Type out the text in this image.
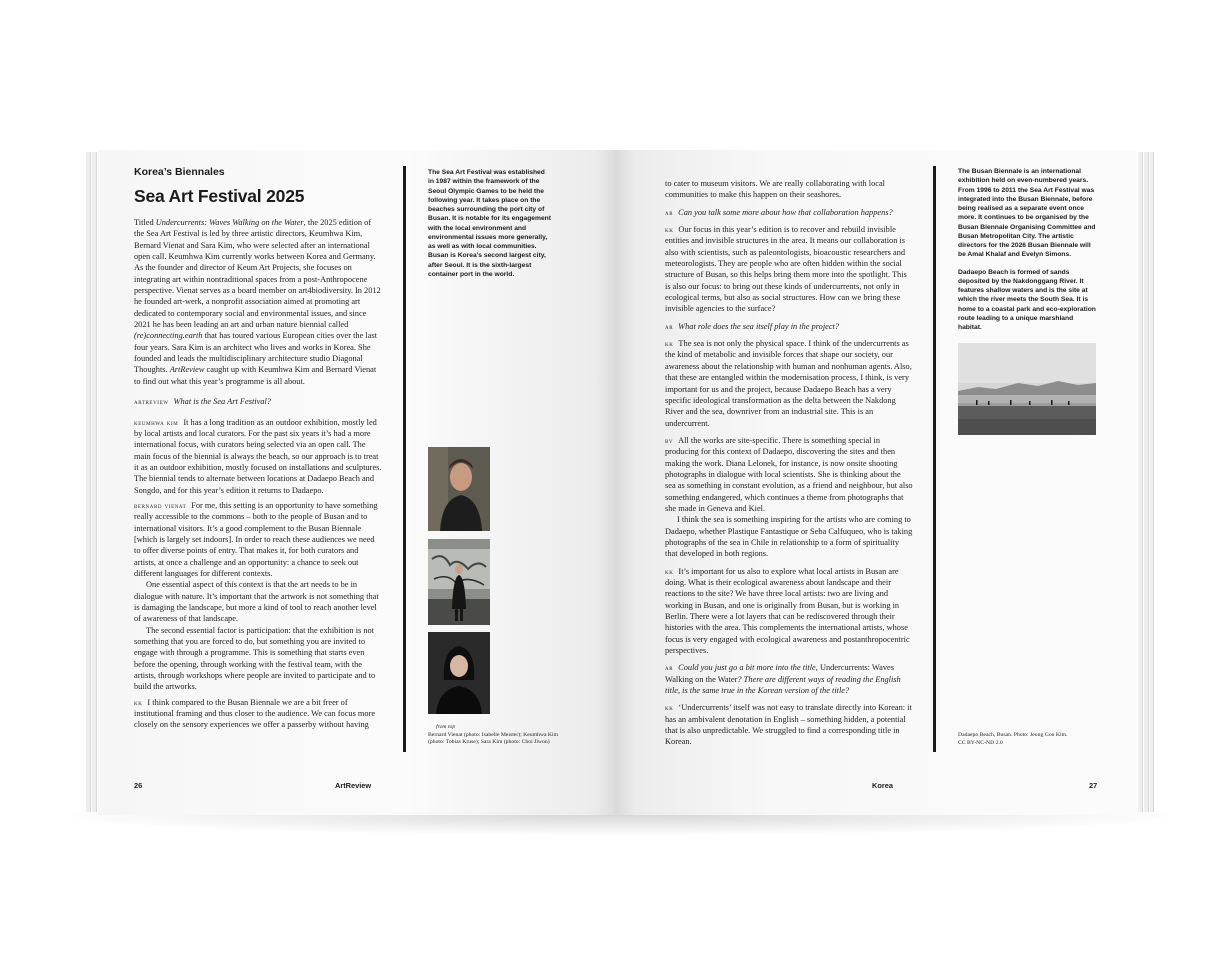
Korea’s Biennales
Sea Art Festival 2025

Titled Undercurrents: Waves Walking on the Water, the 2025 edition of the Sea Art Festival is led by three artistic directors, Keumhwa Kim, Bernard Vienat and Sara Kim, who were selected after an international open call. Keumhwa Kim currently works between Korea and Germany. As the founder and director of Keum Art Projects, she focuses on integrating art within nontraditional spaces from a post-Anthropocene perspective. Vienat serves as a board member on art4biodiversity. In 2012 he founded art-werk, a nonprofit association aimed at promoting art dedicated to contemporary social and environmental issues, and since 2021 he has been leading an art and urban nature biennial called (re)connecting.earth that has toured various European cities over the last four years. Sara Kim is an architect who lives and works in Korea. She founded and leads the multidisciplinary architecture studio Diagonal Thoughts. ArtReview caught up with Keumhwa Kim and Bernard Vienat to find out what this year’s programme is all about.

artreview What is the Sea Art Festival?

keumhwa kim It has a long tradition as an outdoor exhibition, mostly led by local artists and local curators. For the past six years it’s had a more international focus, with curators being selected via an open call. The main focus of the biennial is always the beach, so our approach is to treat it as an outdoor exhibition, mostly focused on installations and sculptures. The biennial tends to alternate between locations at Dadaepo Beach and Songdo, and for this year’s edition it returns to Dadaepo.

bernard vienat For me, this setting is an opportunity to have something really accessible to the commons – both to the people of Busan and to international visitors. It’s a good complement to the Busan Biennale [which is largely set indoors]. In order to reach these audiences we need to offer diverse points of entry. That makes it, for both curators and artists, at once a challenge and an opportunity: a chance to seek out different languages for different contexts.

One essential aspect of this context is that the art needs to be in dialogue with nature. It’s important that the artwork is not something that is damaging the landscape, but more a kind of tool to reach another level of awareness of that landscape.

The second essential factor is participation: that the exhibition is not something that you are forced to do, but something you are invited to engage with through a programme. This is something that starts even before the opening, through working with the festival team, with the artists, through workshops where people are invited to participate and to build the artworks.

kk I think compared to the Busan Biennale we are a bit freer of institutional framing and thus closer to the audience. We can focus more closely on the sensory experiences we offer a passerby without having

The Sea Art Festival was established in 1987 within the framework of the Seoul Olympic Games to be held the following year. It takes place on the beaches surrounding the port city of Busan. It is notable for its engagement with the local environment and environmental issues more generally, as well as with local communities. Busan is Korea’s second largest city, after Seoul. It is the sixth-largest container port in the world.

from top

Bernard Vienat (photo: Isabelle Meister); Keumhwa Kim (photo: Tobias Kruse); Sara Kim (photo: Choi Jiwon)

26	ArtReview

to cater to museum visitors. We are really collaborating with local communities to make this happen on their seashores.

ar Can you talk some more about how that collaboration happens?

kk Our focus in this year’s edition is to recover and rebuild invisible entities and invisible structures in the area. It means our collaboration is also with scientists, such as paleontologists, bioacoustic researchers and meteorologists. They are people who are often hidden within the social structure of Busan, so this helps bring them more into the spotlight. This is also our focus: to bring out these kinds of undercurrents, not only in ecological terms, but also as social structures. How can we bring these invisible agencies to the surface?

ar What role does the sea itself play in the project?

kk The sea is not only the physical space. I think of the undercurrents as the kind of metabolic and invisible forces that shape our society, our awareness about the relationship with human and nonhuman agents. Also, that these are entangled within the modernisation process, I think, is very important for us and the project, because Dadaepo Beach has a very specific ideological transformation as the delta between the Nakdong River and the sea, downriver from an industrial site. This is an undercurrent.

bv All the works are site-specific. There is something special in producing for this context of Dadaepo, discovering the sites and then making the work. Diana Lelonek, for instance, is now onsite shooting photographs in dialogue with local scientists. She is thinking about the sea as something in constant evolution, as a friend and neighbour, but also something endangered, which continues a theme from photographs that she made in Geneva and Kiel.

I think the sea is something inspiring for the artists who are coming to Dadaepo, whether Plastique Fantastique or Seba Calfuqueo, who is taking photographs of the sea in Chile in relationship to a form of spirituality that developed in both regions.

kk It’s important for us also to explore what local artists in Busan are doing. What is their ecological awareness about landscape and their reactions to the site? We have three local artists: two are living and working in Busan, and one is originally from Busan, but is working in Berlin. There were a lot layers that can be rediscovered through their histories with the area. This complements the international artists, whose focus is very engaged with ecological awareness and postanthropocentric perspectives.

ar Could you just go a bit more into the title, Undercurrents: Waves Walking on the Water? There are different ways of reading the English title, is the same true in the Korean version of the title?

kk ‘Undercurrents’ itself was not easy to translate directly into Korean: it has an ambivalent denotation in English – something hidden, a potential that is also unpredictable. We struggled to find a corresponding title in Korean.

The Busan Biennale is an international exhibition held on even-numbered years. From 1996 to 2011 the Sea Art Festival was integrated into the Busan Biennale, before being realised as a separate event once more. It continues to be organised by the Busan Biennale Organising Committee and Busan Metropolitan City. The artistic directors for the 2026 Busan Biennale will be Amal Khalaf and Evelyn Simons.

Dadaepo Beach is formed of sands deposited by the Nakdonggang River. It features shallow waters and is the site at which the river meets the South Sea. It is home to a coastal park and eco-exploration route leading to a unique marshland habitat.

Dadaepo Beach, Busan. Photo: Jeong Gon Kim.

CC BY-NC-ND 2.0

Korea	27
